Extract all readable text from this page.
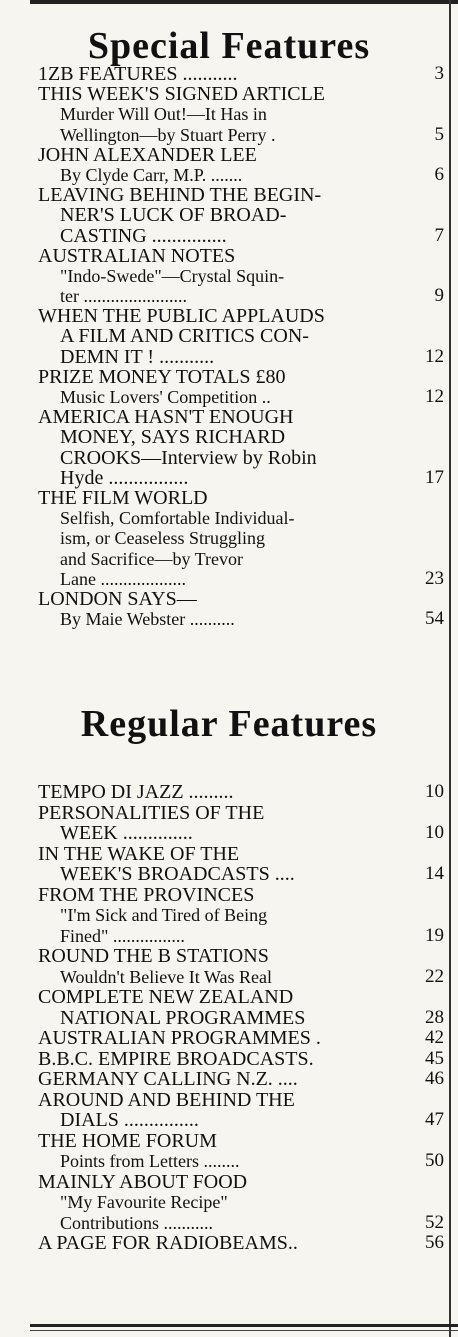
Special Features
1ZB FEATURES ...........	3
THIS WEEK'S SIGNED ARTICLE
Murder Will Out!—It Has in
Wellington—by Stuart Perry .	5
JOHN ALEXANDER LEE
By Clyde Carr, M.P. .......	6
LEAVING BEHIND THE BEGIN-
NER'S LUCK OF BROAD-
CASTING ...............	7
AUSTRALIAN NOTES
"Indo-Swede"—Crystal Squin-
ter .......................	9
WHEN THE PUBLIC APPLAUDS
A FILM AND CRITICS CON-
DEMN IT ! ...........	12
PRIZE MONEY TOTALS £80
Music Lovers' Competition ..	12
AMERICA HASN'T ENOUGH
MONEY, SAYS RICHARD
CROOKS—Interview by Robin
Hyde ................	17
THE FILM WORLD
Selfish, Comfortable Individual-
ism, or Ceaseless Struggling
and Sacrifice—by Trevor
Lane ...................	23
LONDON SAYS—
By Maie Webster ..........	54
Regular Features
TEMPO DI JAZZ .........	10
PERSONALITIES OF THE
WEEK ..............	10
IN THE WAKE OF THE
WEEK'S BROADCASTS ....	14
FROM THE PROVINCES
"I'm Sick and Tired of Being
Fined" ................	19
ROUND THE B STATIONS
Wouldn't Believe It Was Real	22
COMPLETE NEW ZEALAND
NATIONAL PROGRAMMES	28
AUSTRALIAN PROGRAMMES .	42
B.B.C. EMPIRE BROADCASTS.	45
GERMANY CALLING N.Z. ....	46
AROUND AND BEHIND THE
DIALS ...............	47
THE HOME FORUM
Points from Letters ........	50
MAINLY ABOUT FOOD
"My Favourite Recipe"
Contributions ...........	52
A PAGE FOR RADIOBEAMS..	56
